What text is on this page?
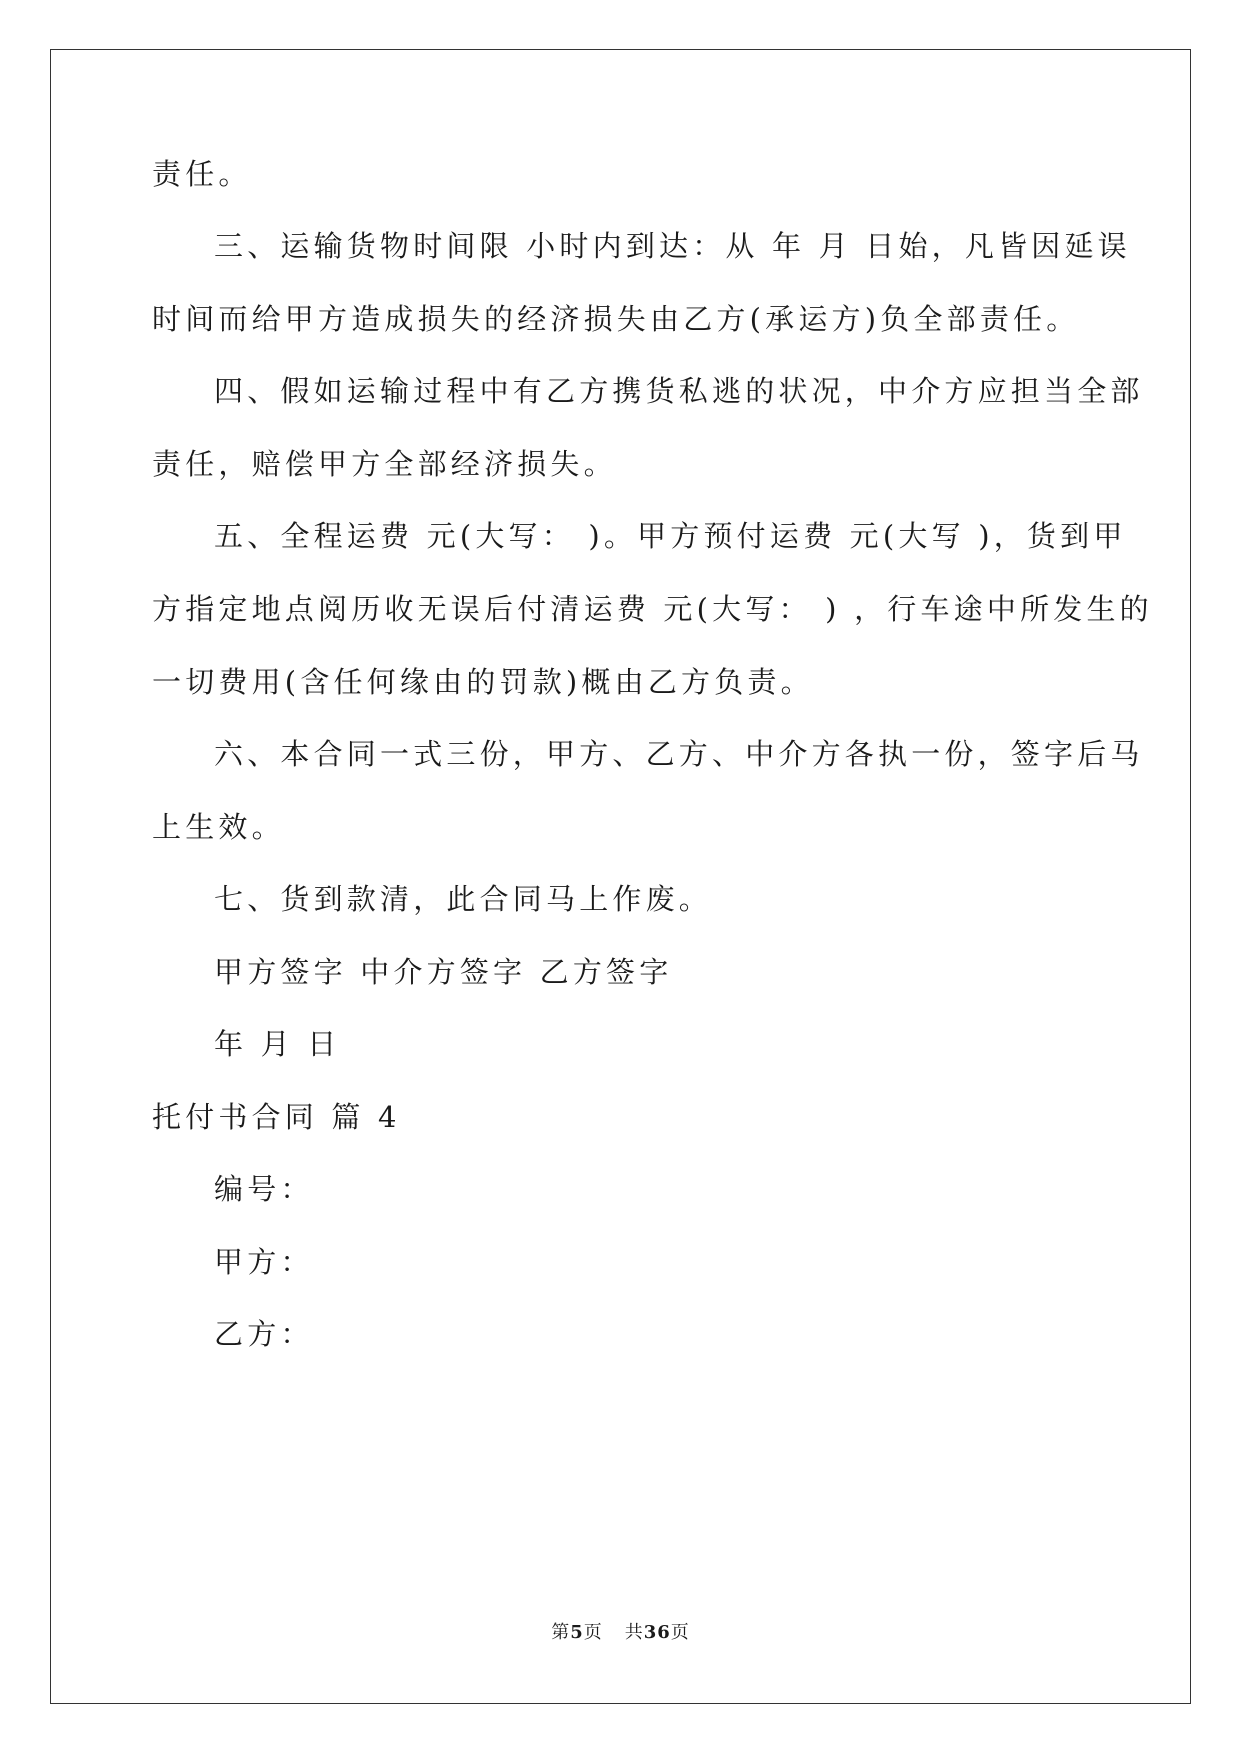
责任。
三、运输货物时间限 小时内到达：从 年 月 日始，凡皆因延误
时间而给甲方造成损失的经济损失由乙方(承运方)负全部责任。
四、假如运输过程中有乙方携货私逃的状况，中介方应担当全部
责任，赔偿甲方全部经济损失。
五、全程运费 元(大写： )。甲方预付运费 元(大写 )，货到甲
方指定地点阅历收无误后付清运费 元(大写： ) ，行车途中所发生的
一切费用(含任何缘由的罚款)概由乙方负责。
六、本合同一式三份，甲方、乙方、中介方各执一份，签字后马
上生效。
七、货到款清，此合同马上作废。
甲方签字 中介方签字 乙方签字
年 月 日
托付书合同 篇 4
编号：
甲方：
乙方：
第5页 共36页
